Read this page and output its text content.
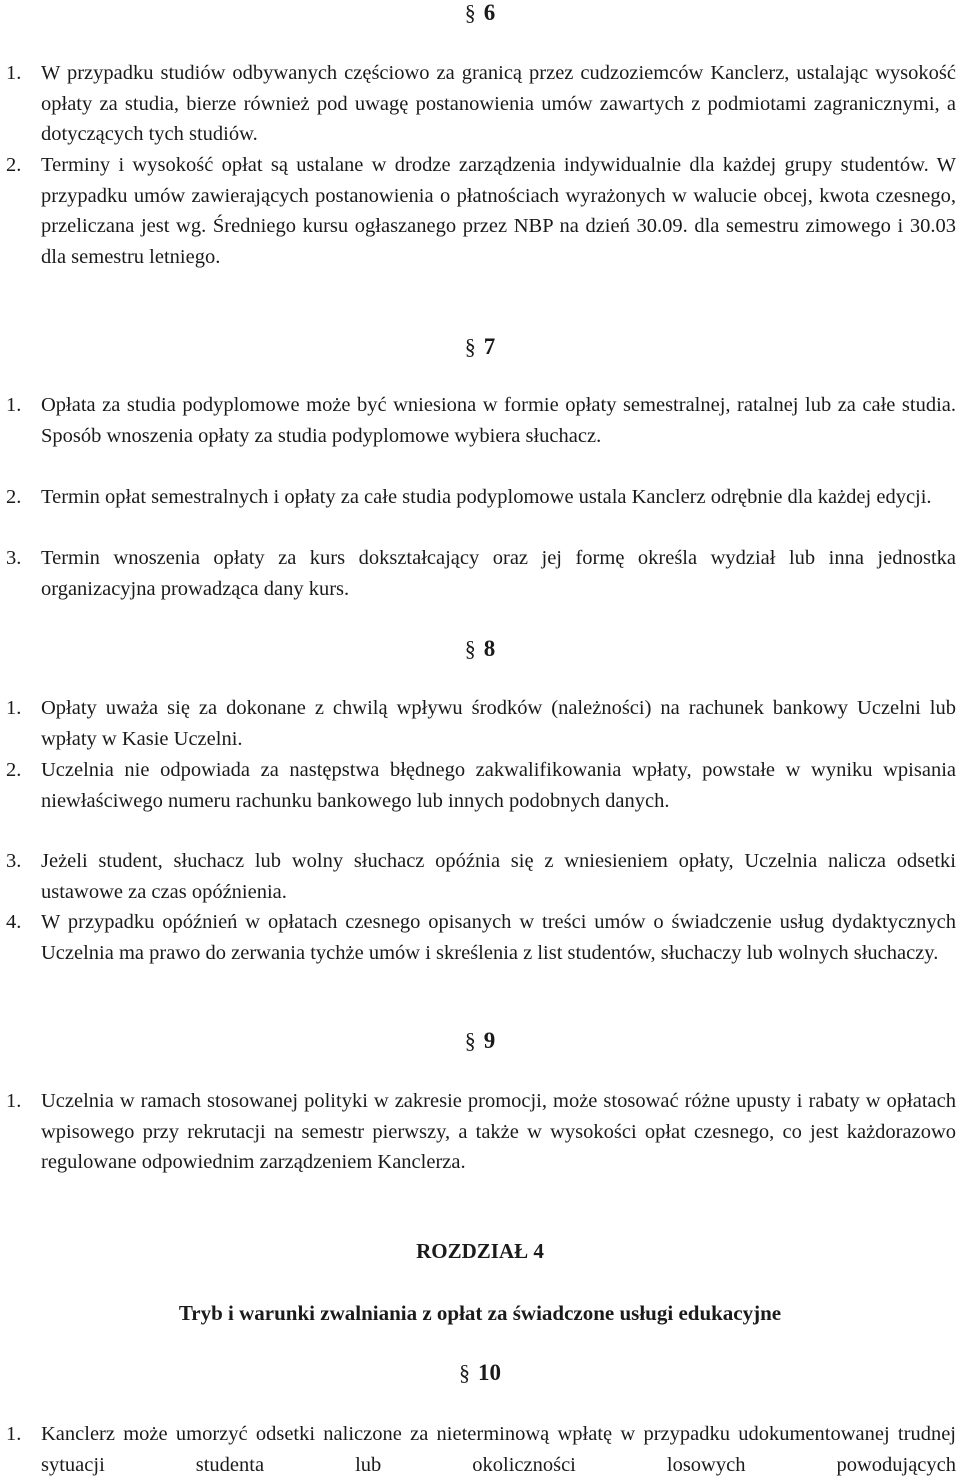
§ 6
1. W przypadku studiów odbywanych częściowo za granicą przez cudzoziemców Kanclerz, ustalając wysokość opłaty za studia, bierze również pod uwagę postanowienia umów zawartych z podmiotami zagranicznymi, a dotyczących tych studiów.
2. Terminy i wysokość opłat są ustalane w drodze zarządzenia indywidualnie dla każdej grupy studentów. W przypadku umów zawierających postanowienia o płatnościach wyrażonych w walucie obcej, kwota czesnego, przeliczana jest wg. Średniego kursu ogłaszanego przez NBP na dzień 30.09. dla semestru zimowego i 30.03 dla semestru letniego.
§ 7
1. Opłata za studia podyplomowe może być wniesiona w formie opłaty semestralnej, ratalnej lub za całe studia. Sposób wnoszenia opłaty za studia podyplomowe wybiera słuchacz.
2. Termin opłat semestralnych i opłaty za całe studia podyplomowe ustala Kanclerz odrębnie dla każdej edycji.
3. Termin wnoszenia opłaty za kurs dokształcający oraz jej formę określa wydział lub inna jednostka organizacyjna prowadząca dany kurs.
§ 8
1. Opłaty uważa się za dokonane z chwilą wpływu środków (należności) na rachunek bankowy Uczelni lub wpłaty w Kasie Uczelni.
2. Uczelnia nie odpowiada za następstwa błędnego zakwalifikowania wpłaty, powstałe w wyniku wpisania niewłaściwego numeru rachunku bankowego lub innych podobnych danych.
3. Jeżeli student, słuchacz lub wolny słuchacz opóźnia się z wniesieniem opłaty, Uczelnia nalicza odsetki ustawowe za czas opóźnienia.
4. W przypadku opóźnień w opłatach czesnego opisanych w treści umów o świadczenie usług dydaktycznych Uczelnia ma prawo do zerwania tychże umów i skreślenia z list studentów, słuchaczy lub wolnych słuchaczy.
§ 9
1. Uczelnia w ramach stosowanej polityki w zakresie promocji, może stosować różne upusty i rabaty w opłatach wpisowego przy rekrutacji na semestr pierwszy, a także w wysokości opłat czesnego, co jest każdorazowo regulowane odpowiednim zarządzeniem Kanclerza.
ROZDZIAŁ 4
Tryb i warunki zwalniania z opłat za świadczone usługi edukacyjne
§ 10
1. Kanclerz może umorzyć odsetki naliczone za nieterminową wpłatę w przypadku udokumentowanej trudnej sytuacji studenta lub okoliczności losowych powodujących
